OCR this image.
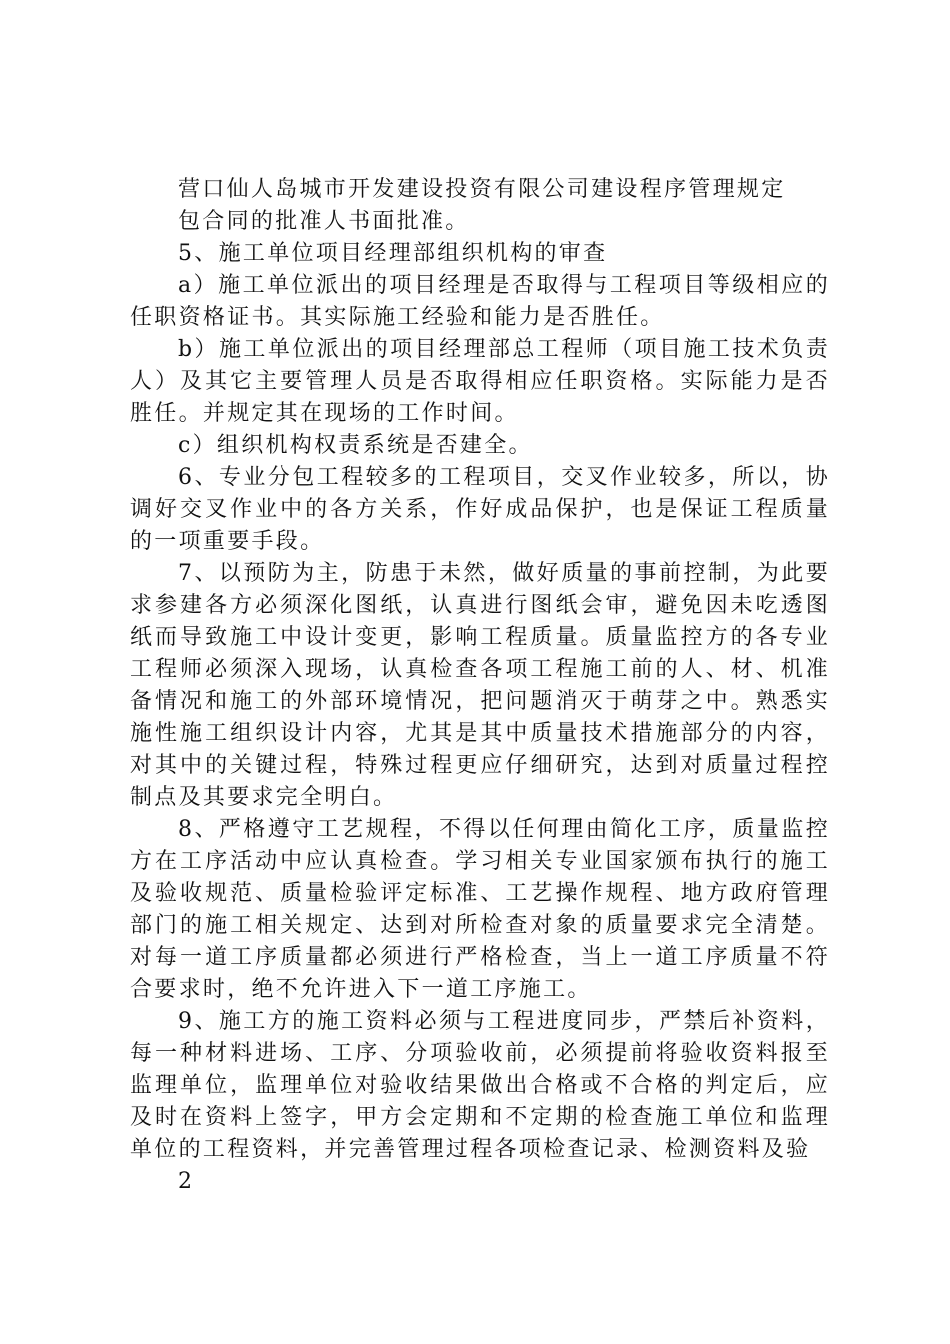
营口仙人岛城市开发建设投资有限公司建设程序管理规定

包合同的批准人书面批准。

5、施工单位项目经理部组织机构的审查

a）施工单位派出的项目经理是否取得与工程项目等级相应的任职资格证书。其实际施工经验和能力是否胜任。

b）施工单位派出的项目经理部总工程师（项目施工技术负责人）及其它主要管理人员是否取得相应任职资格。实际能力是否胜任。并规定其在现场的工作时间。

c）组织机构权责系统是否建全。

6、专业分包工程较多的工程项目，交叉作业较多，所以，协调好交叉作业中的各方关系，作好成品保护，也是保证工程质量的一项重要手段。

7、以预防为主，防患于未然，做好质量的事前控制，为此要求参建各方必须深化图纸，认真进行图纸会审，避免因未吃透图纸而导致施工中设计变更，影响工程质量。质量监控方的各专业工程师必须深入现场，认真检查各项工程施工前的人、材、机准备情况和施工的外部环境情况，把问题消灭于萌芽之中。熟悉实施性施工组织设计内容，尤其是其中质量技术措施部分的内容，对其中的关键过程，特殊过程更应仔细研究，达到对质量过程控制点及其要求完全明白。

8、严格遵守工艺规程，不得以任何理由简化工序，质量监控方在工序活动中应认真检查。学习相关专业国家颁布执行的施工及验收规范、质量检验评定标准、工艺操作规程、地方政府管理部门的施工相关规定、达到对所检查对象的质量要求完全清楚。对每一道工序质量都必须进行严格检查，当上一道工序质量不符合要求时，绝不允许进入下一道工序施工。

9、施工方的施工资料必须与工程进度同步，严禁后补资料，每一种材料进场、工序、分项验收前，必须提前将验收资料报至监理单位，监理单位对验收结果做出合格或不合格的判定后，应及时在资料上签字，甲方会定期和不定期的检查施工单位和监理单位的工程资料，并完善管理过程各项检查记录、检测资料及验

2
